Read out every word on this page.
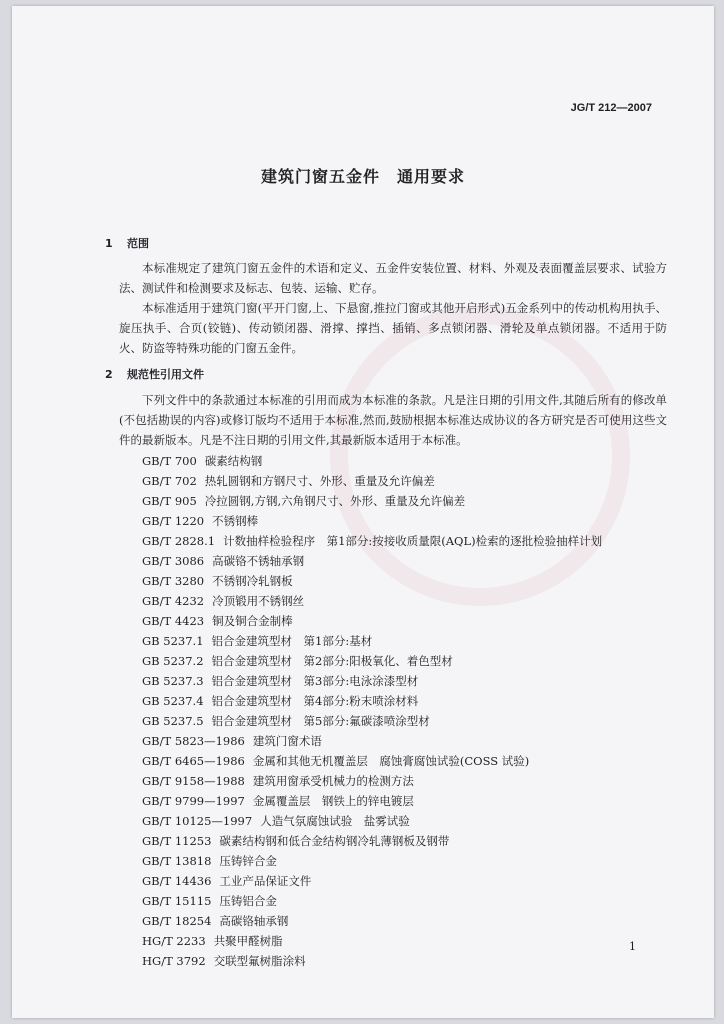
JG/T 212—2007
建筑门窗五金件　通用要求
1 范围

本标准规定了建筑门窗五金件的术语和定义、五金件安装位置、材料、外观及表面覆盖层要求、试验方法、测试件和检测要求及标志、包装、运输、贮存。

本标准适用于建筑门窗(平开门窗,上、下悬窗,推拉门窗或其他开启形式)五金系列中的传动机构用执手、旋压执手、合页(铰链)、传动锁闭器、滑撑、撑挡、插销、多点锁闭器、滑轮及单点锁闭器。不适用于防火、防盗等特殊功能的门窗五金件。

2 规范性引用文件

下列文件中的条款通过本标准的引用而成为本标准的条款。凡是注日期的引用文件,其随后所有的修改单(不包括勘误的内容)或修订版均不适用于本标准,然而,鼓励根据本标准达成协议的各方研究是否可使用这些文件的最新版本。凡是不注日期的引用文件,其最新版本适用于本标准。

GB/T 700 碳素结构钢
GB/T 702 热轧圆钢和方钢尺寸、外形、重量及允许偏差
GB/T 905 冷拉圆钢,方钢,六角钢尺寸、外形、重量及允许偏差
GB/T 1220 不锈钢棒
GB/T 2828.1 计数抽样检验程序　第1部分:按接收质量限(AQL)检索的逐批检验抽样计划
GB/T 3086 高碳铬不锈轴承钢
GB/T 3280 不锈钢冷轧钢板
GB/T 4232 冷顶锻用不锈钢丝
GB/T 4423 铜及铜合金制棒
GB 5237.1 铝合金建筑型材　第1部分:基材
GB 5237.2 铝合金建筑型材　第2部分:阳极氧化、着色型材
GB 5237.3 铝合金建筑型材　第3部分:电泳涂漆型材
GB 5237.4 铝合金建筑型材　第4部分:粉末喷涂材料
GB 5237.5 铝合金建筑型材　第5部分:氟碳漆喷涂型材
GB/T 5823—1986 建筑门窗术语
GB/T 6465—1986 金属和其他无机覆盖层　腐蚀膏腐蚀试验(COSS 试验)
GB/T 9158—1988 建筑用窗承受机械力的检测方法
GB/T 9799—1997 金属覆盖层　钢铁上的锌电镀层
GB/T 10125—1997 人造气氛腐蚀试验　盐雾试验
GB/T 11253 碳素结构钢和低合金结构钢冷轧薄钢板及钢带
GB/T 13818 压铸锌合金
GB/T 14436 工业产品保证文件
GB/T 15115 压铸铝合金
GB/T 18254 高碳铬轴承钢
HG/T 2233 共聚甲醛树脂
HG/T 3792 交联型氟树脂涂料
1
